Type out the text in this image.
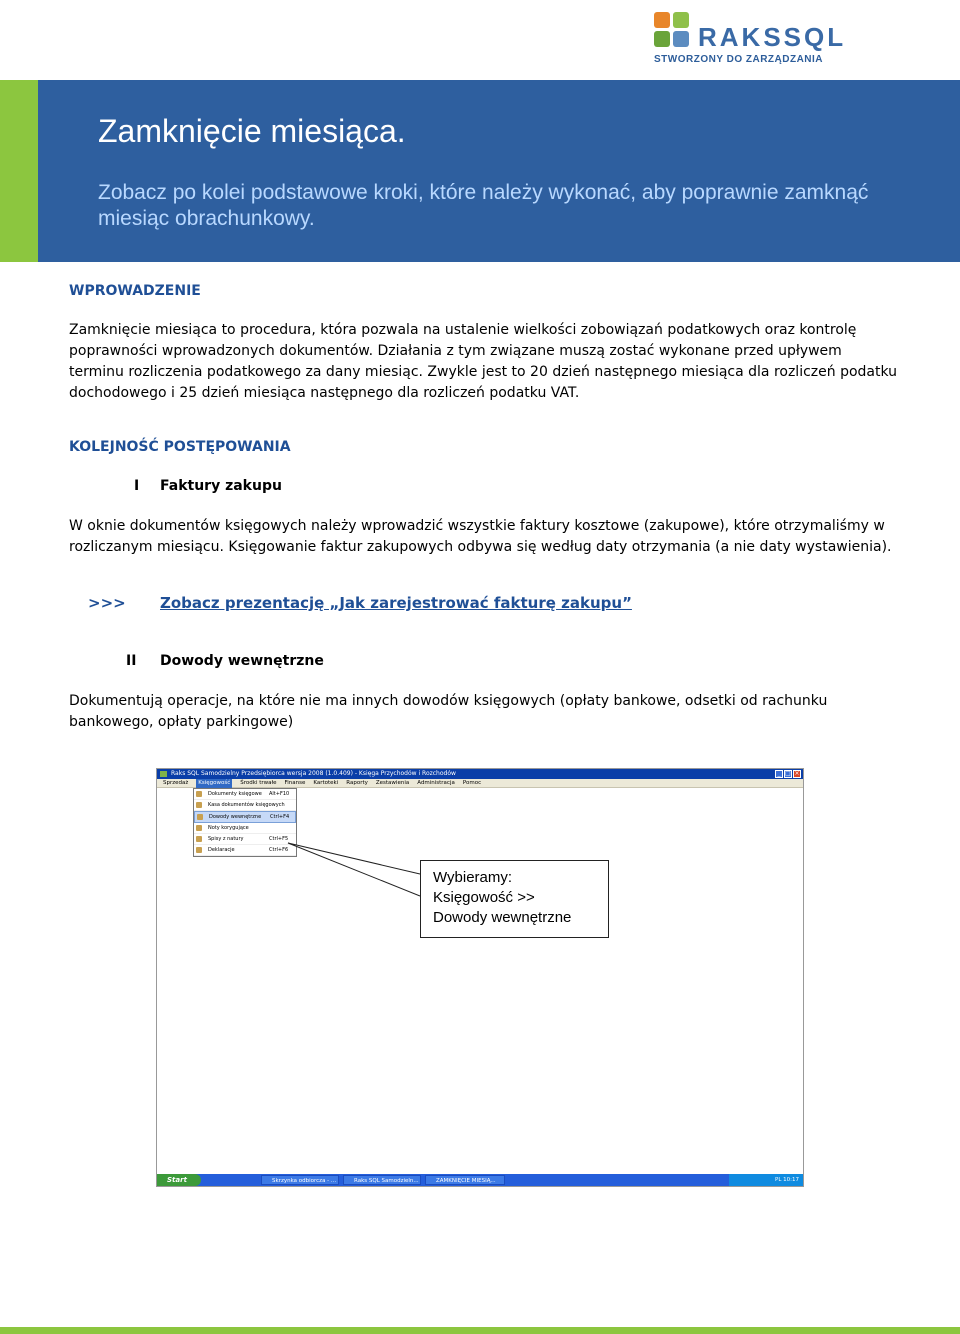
RAKSSQL
STWORZONY DO ZARZĄDZANIA
Zamknięcie miesiąca.
Zobacz po kolei podstawowe kroki, które należy wykonać, aby poprawnie zamknąć miesiąc obrachunkowy.
WPROWADZENIE
Zamknięcie miesiąca to procedura, która pozwala na ustalenie wielkości zobowiązań podatkowych oraz kontrolę poprawności wprowadzonych dokumentów. Działania z tym związane muszą zostać wykonane przed upływem terminu rozliczenia podatkowego za dany miesiąc. Zwykle jest to 20 dzień następnego miesiąca dla rozliczeń podatku dochodowego i 25 dzień miesiąca następnego dla rozliczeń podatku VAT.
KOLEJNOŚĆ POSTĘPOWANIA
I Faktury zakupu
W oknie dokumentów księgowych należy wprowadzić wszystkie faktury kosztowe (zakupowe), które otrzymaliśmy w rozliczanym miesiącu. Księgowanie faktur zakupowych odbywa się według daty otrzymania (a nie daty wystawienia).
>>> Zobacz prezentację „Jak zarejestrować fakturę zakupu”
II Dowody wewnętrzne
Dokumentują operacje, na które nie ma innych dowodów księgowych (opłaty bankowe, odsetki od rachunku bankowego, opłaty parkingowe)
Raks SQL Samodzielny Przedsiębiorca wersja 2008 (1.0.409) - Księga Przychodów i Rozchodów	_ □ ×
Sprzedaż Księgowość Środki trwałe Finanse Kartoteki Raporty Zestawienia Administracja Pomoc
Dokumenty księgowe Alt+F10
Kasa dokumentów księgowych
Dowody wewnętrzne Ctrl+F4
Noty korygujące
Spisy z natury	Ctrl+F5
Deklaracje	Ctrl+F6
Start	Skrzynka odbiorcza - ...	Raks SQL Samodzieln...	ZAMKNIĘCIE MIESIĄ...	PL 10:17
Wybieramy:
Księgowość >>
Dowody wewnętrzne
